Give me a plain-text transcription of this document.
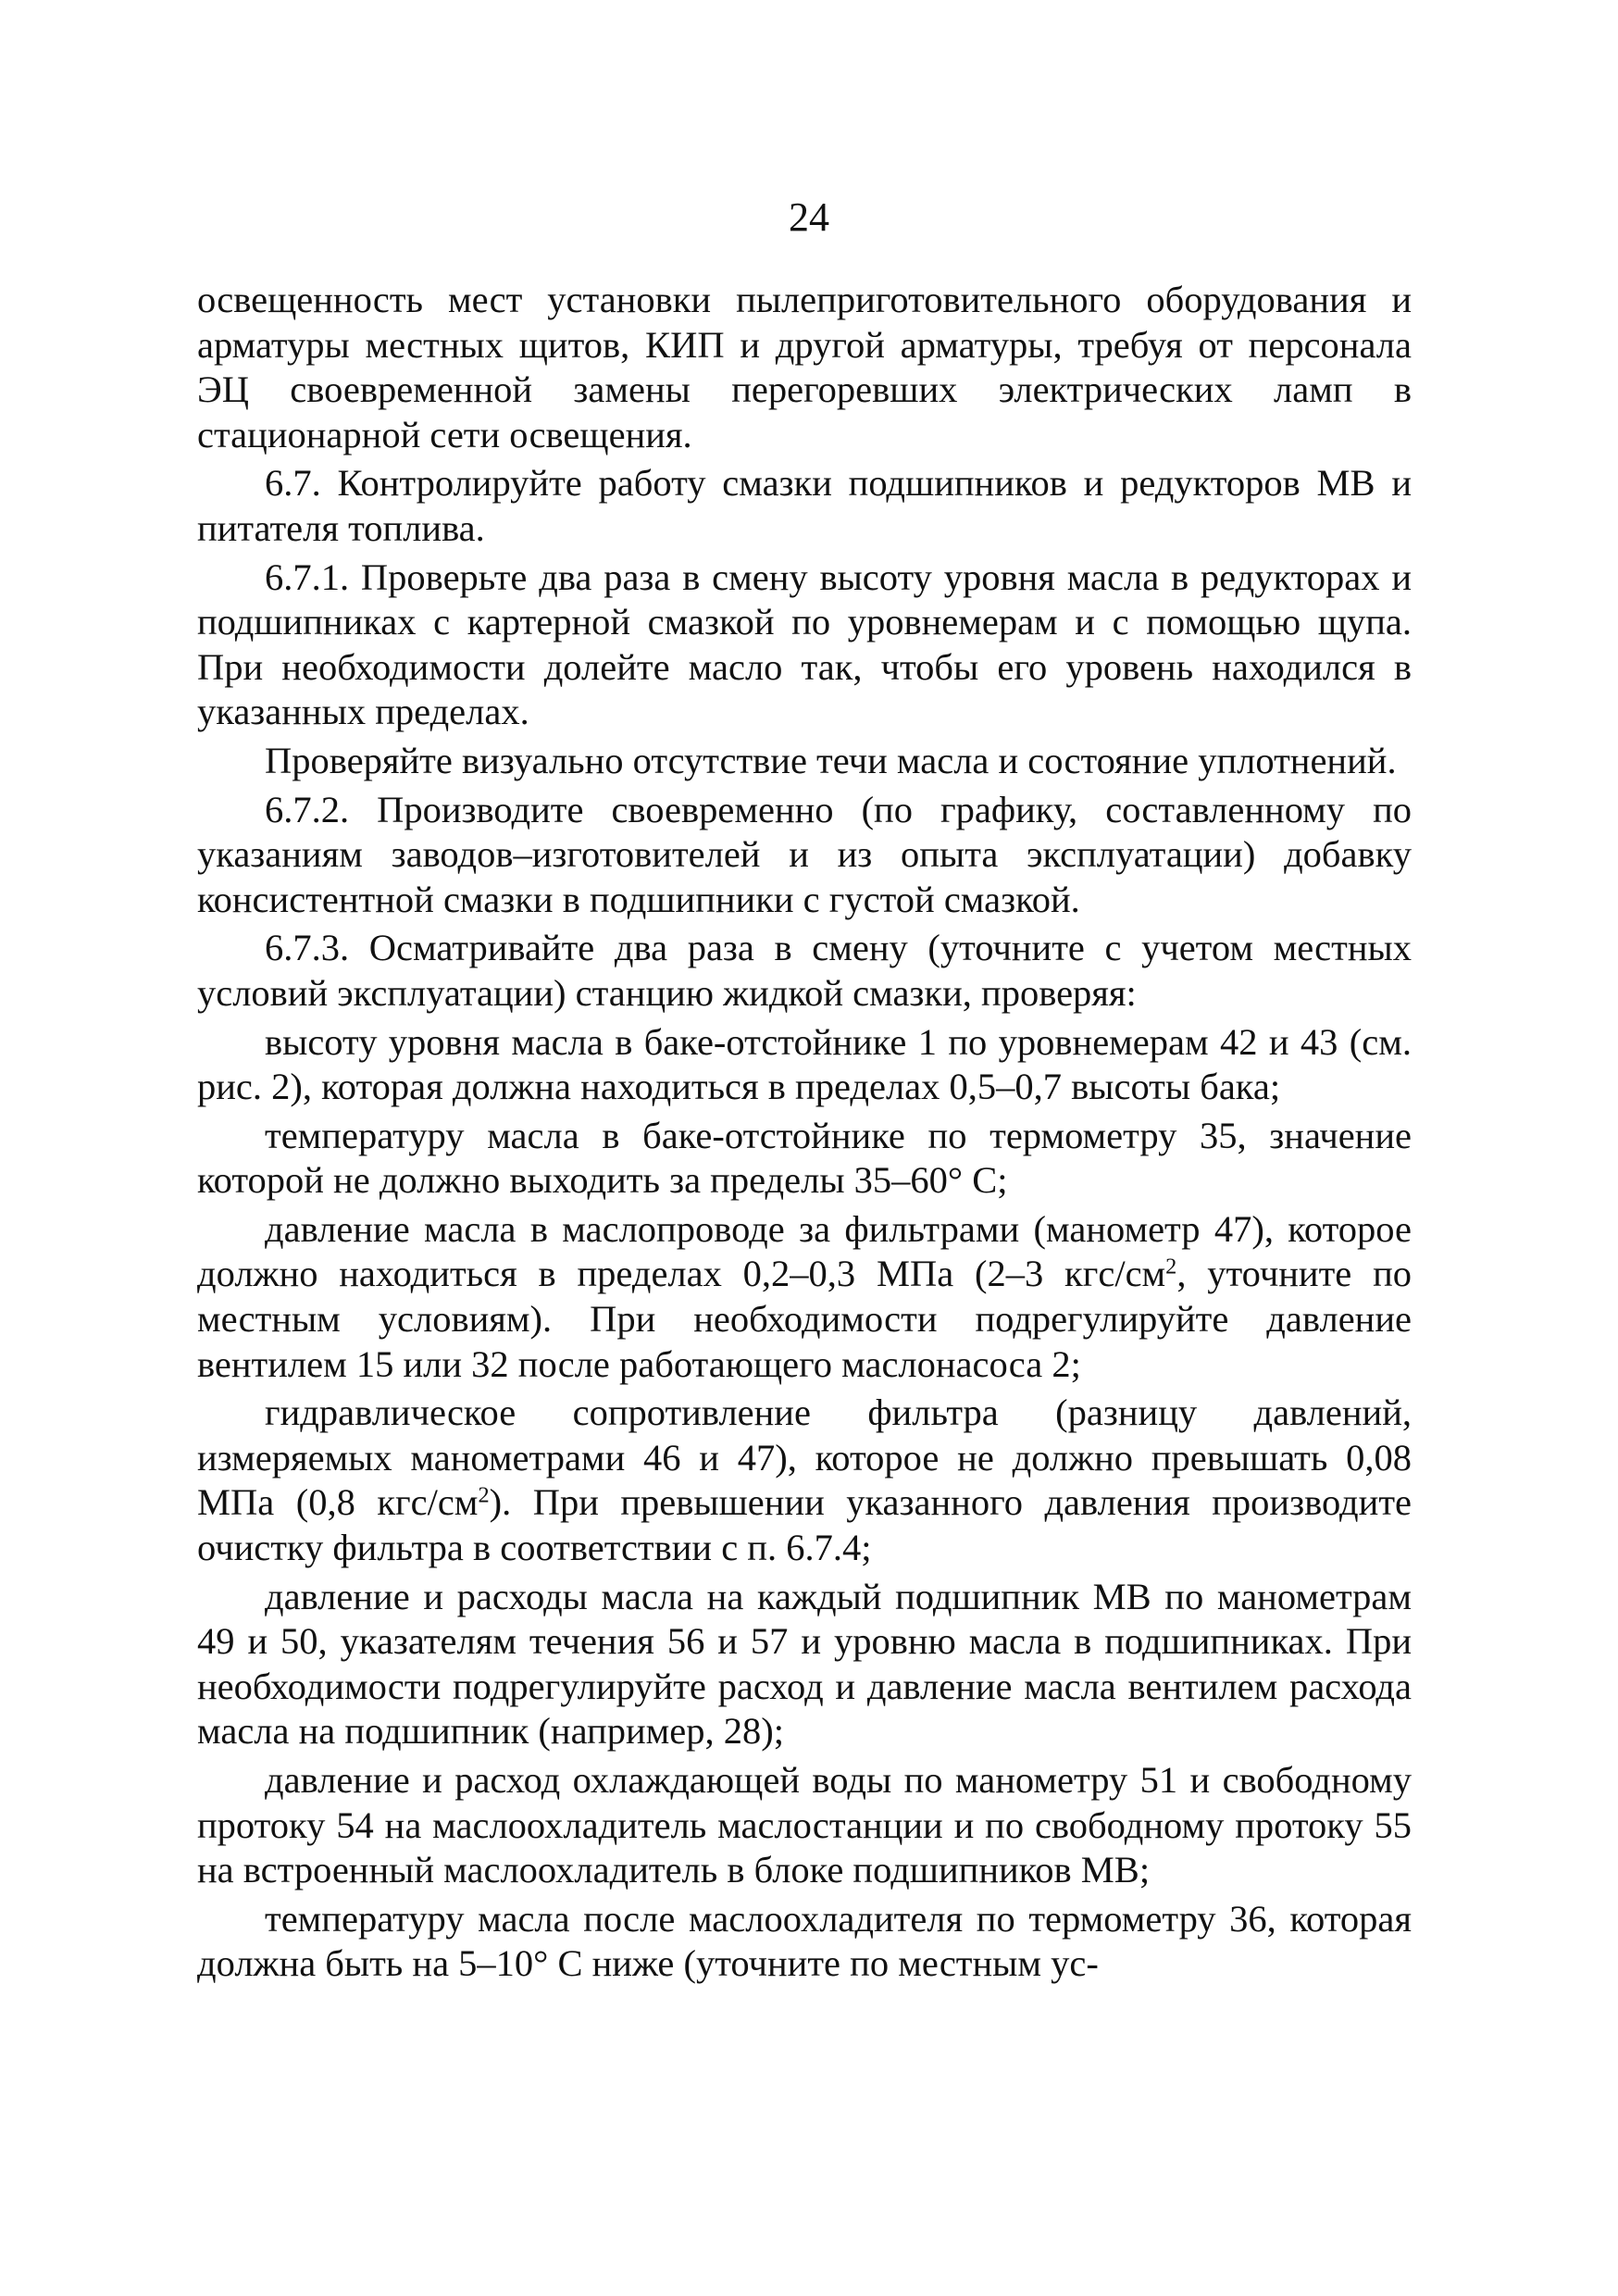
24

освещенность мест установки пылеприготовительного оборудования и арматуры местных щитов, КИП и другой арматуры, требуя от персонала ЭЦ своевременной замены перегоревших электрических ламп в стационарной сети освещения.

6.7. Контролируйте работу смазки подшипников и редукторов МВ и питателя топлива.

6.7.1. Проверьте два раза в смену высоту уровня масла в редукторах и подшипниках с картерной смазкой по уровнемерам и с помощью щупа. При необходимости долейте масло так, чтобы его уровень находился в указанных пределах.

Проверяйте визуально отсутствие течи масла и состояние уплотнений.

6.7.2. Производите своевременно (по графику, составленному по указаниям заводов–изготовителей и из опыта эксплуатации) добавку консистентной смазки в подшипники с густой смазкой.

6.7.3. Осматривайте два раза в смену (уточните с учетом местных условий эксплуатации) станцию жидкой смазки, проверяя:

высоту уровня масла в баке-отстойнике 1 по уровнемерам 42 и 43 (см. рис. 2), которая должна находиться в пределах 0,5–0,7 высоты бака;

температуру масла в баке-отстойнике по термометру 35, значение которой не должно выходить за пределы 35–60° С;

давление масла в маслопроводе за фильтрами (манометр 47), которое должно находиться в пределах 0,2–0,3 МПа (2–3 кгс/$см^2$, уточните по местным условиям). При необходимости подрегулируйте давление вентилем 15 или 32 после работающего маслонасоса 2;

гидравлическое сопротивление фильтра (разницу давлений, измеряемых манометрами 46 и 47), которое не должно превышать 0,08 МПа (0,8 кгс/$см^2$). При превышении указанного давления производите очистку фильтра в соответствии с п. 6.7.4;

давление и расходы масла на каждый подшипник МВ по манометрам 49 и 50, указателям течения 56 и 57 и уровню масла в подшипниках. При необходимости подрегулируйте расход и давление масла вентилем расхода масла на подшипник (например, 28);

давление и расход охлаждающей воды по манометру 51 и свободному протоку 54 на маслоохладитель маслостанции и по свободному протоку 55 на встроенный маслоохладитель в блоке подшипников МВ;

температуру масла после маслоохладителя по термометру 36, которая должна быть на 5–10° С ниже (уточните по местным ус-
